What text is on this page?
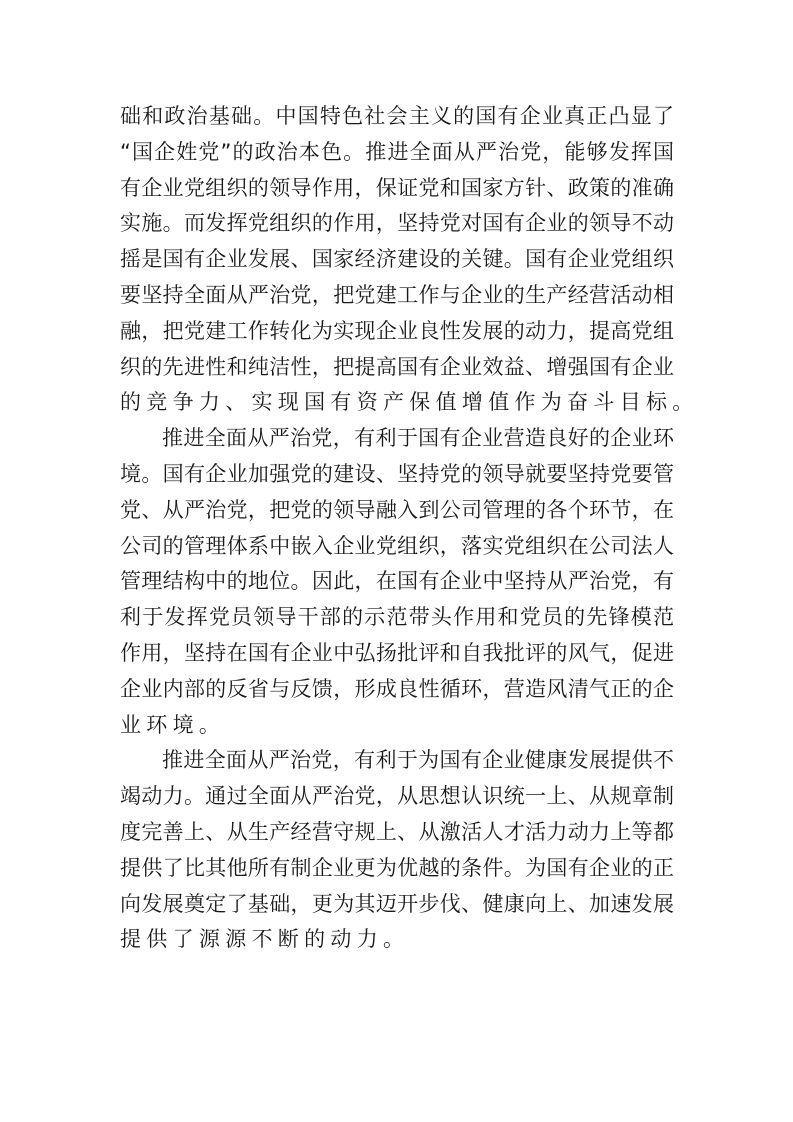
础和政治基础。中国特色社会主义的国有企业真正凸显了
“国企姓党”的政治本色。推进全面从严治党，能够发挥国
有企业党组织的领导作用，保证党和国家方针、政策的准确
实施。而发挥党组织的作用，坚持党对国有企业的领导不动
摇是国有企业发展、国家经济建设的关键。国有企业党组织
要坚持全面从严治党，把党建工作与企业的生产经营活动相
融，把党建工作转化为实现企业良性发展的动力，提高党组
织的先进性和纯洁性，把提高国有企业效益、增强国有企业
的竞争力、实现国有资产保值增值作为奋斗目标。
推进全面从严治党，有利于国有企业营造良好的企业环
境。国有企业加强党的建设、坚持党的领导就要坚持党要管
党、从严治党，把党的领导融入到公司管理的各个环节，在
公司的管理体系中嵌入企业党组织，落实党组织在公司法人
管理结构中的地位。因此，在国有企业中坚持从严治党，有
利于发挥党员领导干部的示范带头作用和党员的先锋模范
作用，坚持在国有企业中弘扬批评和自我批评的风气，促进
企业内部的反省与反馈，形成良性循环，营造风清气正的企
业环境。
推进全面从严治党，有利于为国有企业健康发展提供不
竭动力。通过全面从严治党，从思想认识统一上、从规章制
度完善上、从生产经营守规上、从激活人才活力动力上等都
提供了比其他所有制企业更为优越的条件。为国有企业的正
向发展奠定了基础，更为其迈开步伐、健康向上、加速发展
提供了源源不断的动力。
